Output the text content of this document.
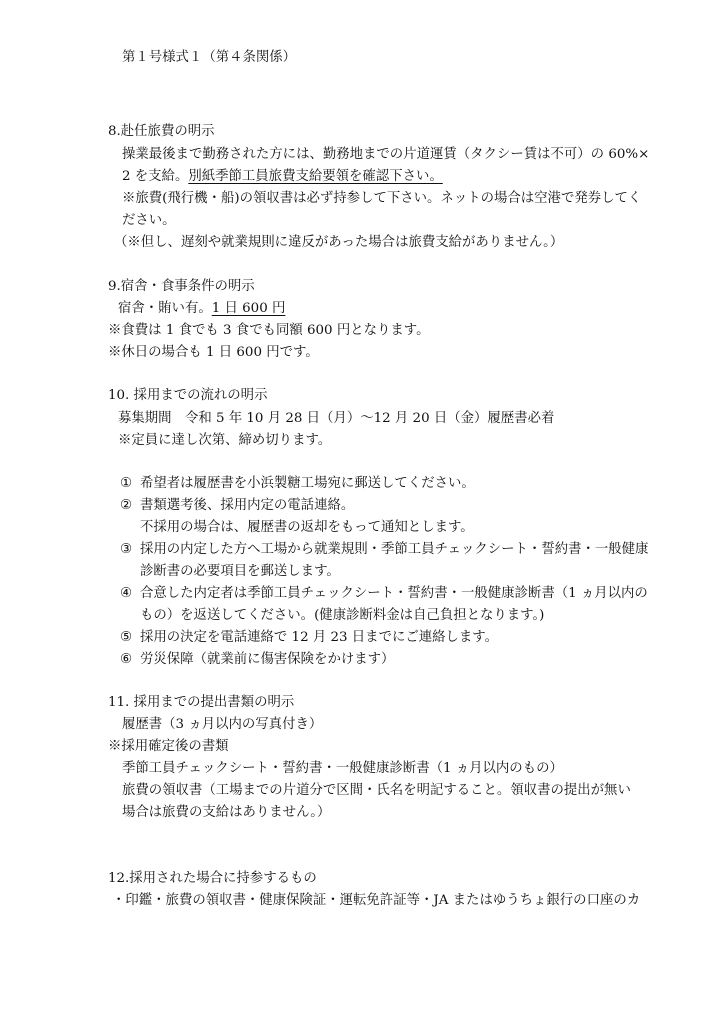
第１号様式１（第４条関係）
8.赴任旅費の明示
操業最後まで勤務された方には、勤務地までの片道運賃（タクシー賃は不可）の 60%×
2 を支給。別紙季節工員旅費支給要領を確認下さい。
※旅費(飛行機・船)の領収書は必ず持参して下さい。ネットの場合は空港で発券してく
ださい。
（※但し、遅刻や就業規則に違反があった場合は旅費支給がありません。）
9.宿舎・食事条件の明示
宿舎・賄い有。1 日 600 円
※食費は 1 食でも 3 食でも同額 600 円となります。
※休日の場合も 1 日 600 円です。
10. 採用までの流れの明示
募集期間　令和 5 年 10 月 28 日（月）～12 月 20 日（金）履歴書必着
※定員に達し次第、締め切ります。
① 希望者は履歴書を小浜製糖工場宛に郵送してください。
② 書類選考後、採用内定の電話連絡。
不採用の場合は、履歴書の返却をもって通知とします。
③ 採用の内定した方へ工場から就業規則・季節工員チェックシート・誓約書・一般健康
診断書の必要項目を郵送します。
④ 合意した内定者は季節工員チェックシート・誓約書・一般健康診断書（1 ヵ月以内の
もの）を返送してください。(健康診断料金は自己負担となります。)
⑤ 採用の決定を電話連絡で 12 月 23 日までにご連絡します。
⑥ 労災保障（就業前に傷害保険をかけます）
11. 採用までの提出書類の明示
履歴書（3 ヵ月以内の写真付き）
※採用確定後の書類
季節工員チェックシート・誓約書・一般健康診断書（1 ヵ月以内のもの）
旅費の領収書（工場までの片道分で区間・氏名を明記すること。領収書の提出が無い
場合は旅費の支給はありません。）
12.採用された場合に持参するもの
・印鑑・旅費の領収書・健康保険証・運転免許証等・JA またはゆうちょ銀行の口座のカ
